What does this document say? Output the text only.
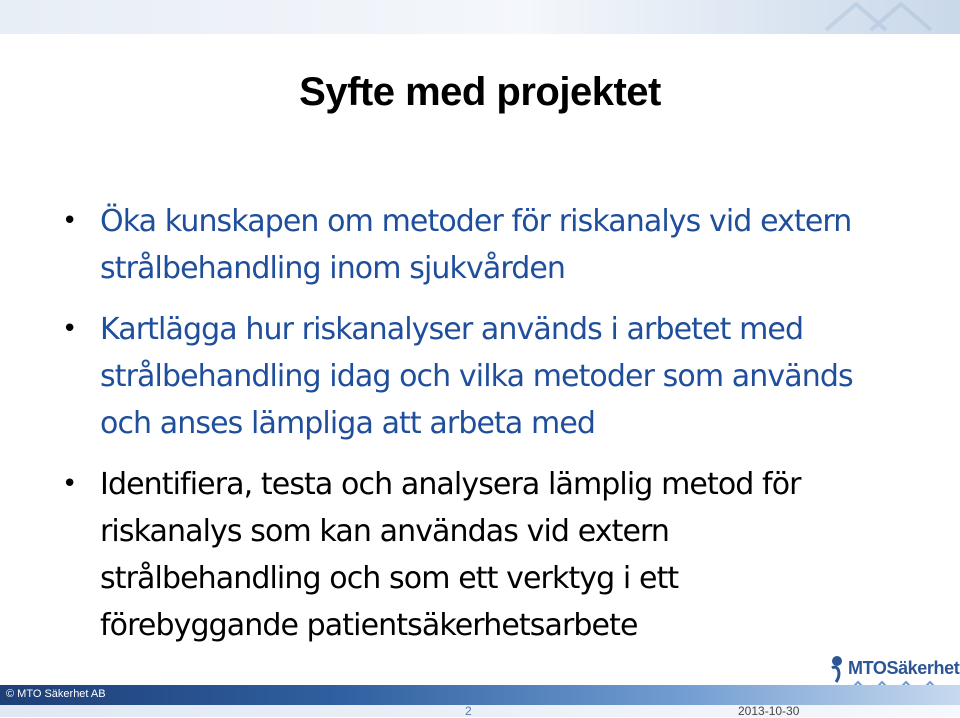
Syfte med projektet
• Öka kunskapen om metoder för riskanalys vid extern
strålbehandling inom sjukvården
• Kartlägga hur riskanalyser används i arbetet med
strålbehandling idag och vilka metoder som används
och anses lämpliga att arbeta med
• Identifiera, testa och analysera lämplig metod för
riskanalys som kan användas vid extern
strålbehandling och som ett verktyg i ett
förebyggande patientsäkerhetsarbete
MTOSäkerhet
© MTO Säkerhet AB
2	2013-10-30
